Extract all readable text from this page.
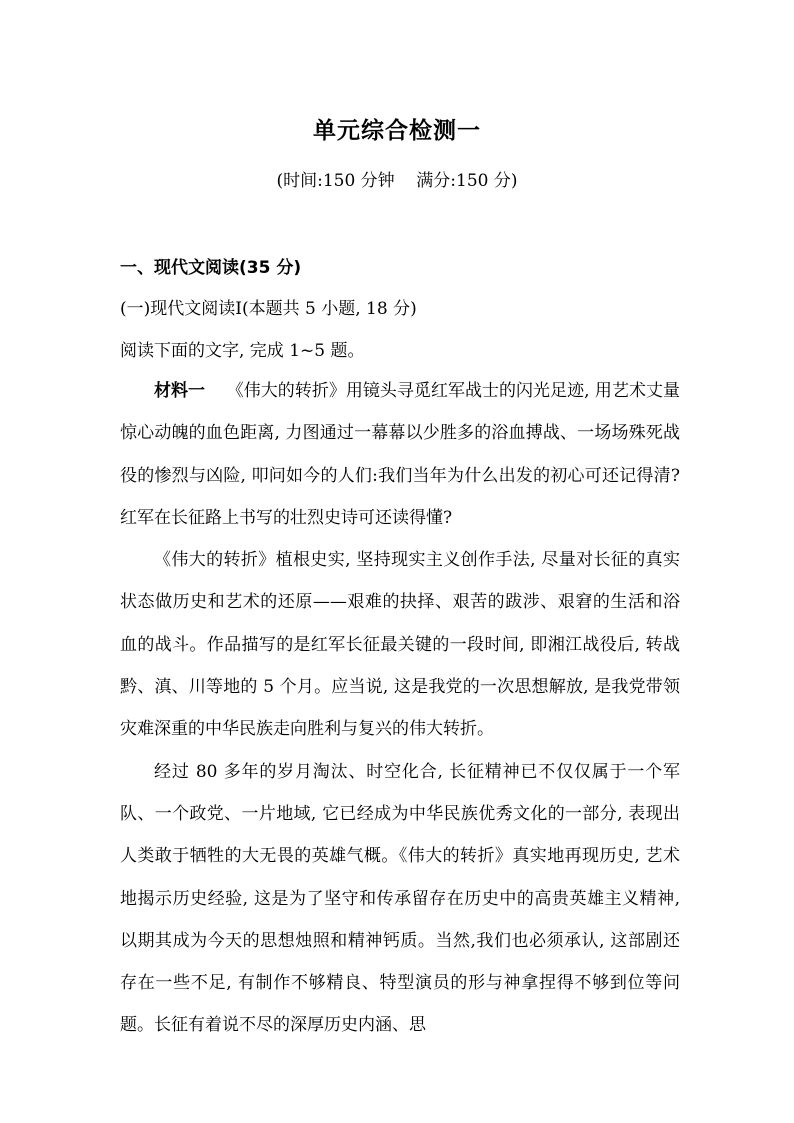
单元综合检测一
(时间:150 分钟    满分:150 分)
一、现代文阅读(35 分)
(一)现代文阅读Ⅰ(本题共 5 小题, 18 分)
阅读下面的文字, 完成 1~5 题。

材料一 《伟大的转折》用镜头寻觅红军战士的闪光足迹, 用艺术丈量惊心动魄的血色距离, 力图通过一幕幕以少胜多的浴血搏战、一场场殊死战役的惨烈与凶险, 叩问如今的人们:我们当年为什么出发的初心可还记得清?红军在长征路上书写的壮烈史诗可还读得懂?

《伟大的转折》植根史实, 坚持现实主义创作手法, 尽量对长征的真实状态做历史和艺术的还原——艰难的抉择、艰苦的跋涉、艰窘的生活和浴血的战斗。作品描写的是红军长征最关键的一段时间, 即湘江战役后, 转战黔、滇、川等地的 5 个月。应当说, 这是我党的一次思想解放, 是我党带领灾难深重的中华民族走向胜利与复兴的伟大转折。

经过 80 多年的岁月淘汰、时空化合, 长征精神已不仅仅属于一个军队、一个政党、一片地域, 它已经成为中华民族优秀文化的一部分, 表现出人类敢于牺牲的大无畏的英雄气概。《伟大的转折》真实地再现历史, 艺术地揭示历史经验, 这是为了坚守和传承留存在历史中的高贵英雄主义精神, 以期其成为今天的思想烛照和精神钙质。当然,我们也必须承认, 这部剧还存在一些不足, 有制作不够精良、特型演员的形与神拿捏得不够到位等问题。长征有着说不尽的深厚历史内涵、思
